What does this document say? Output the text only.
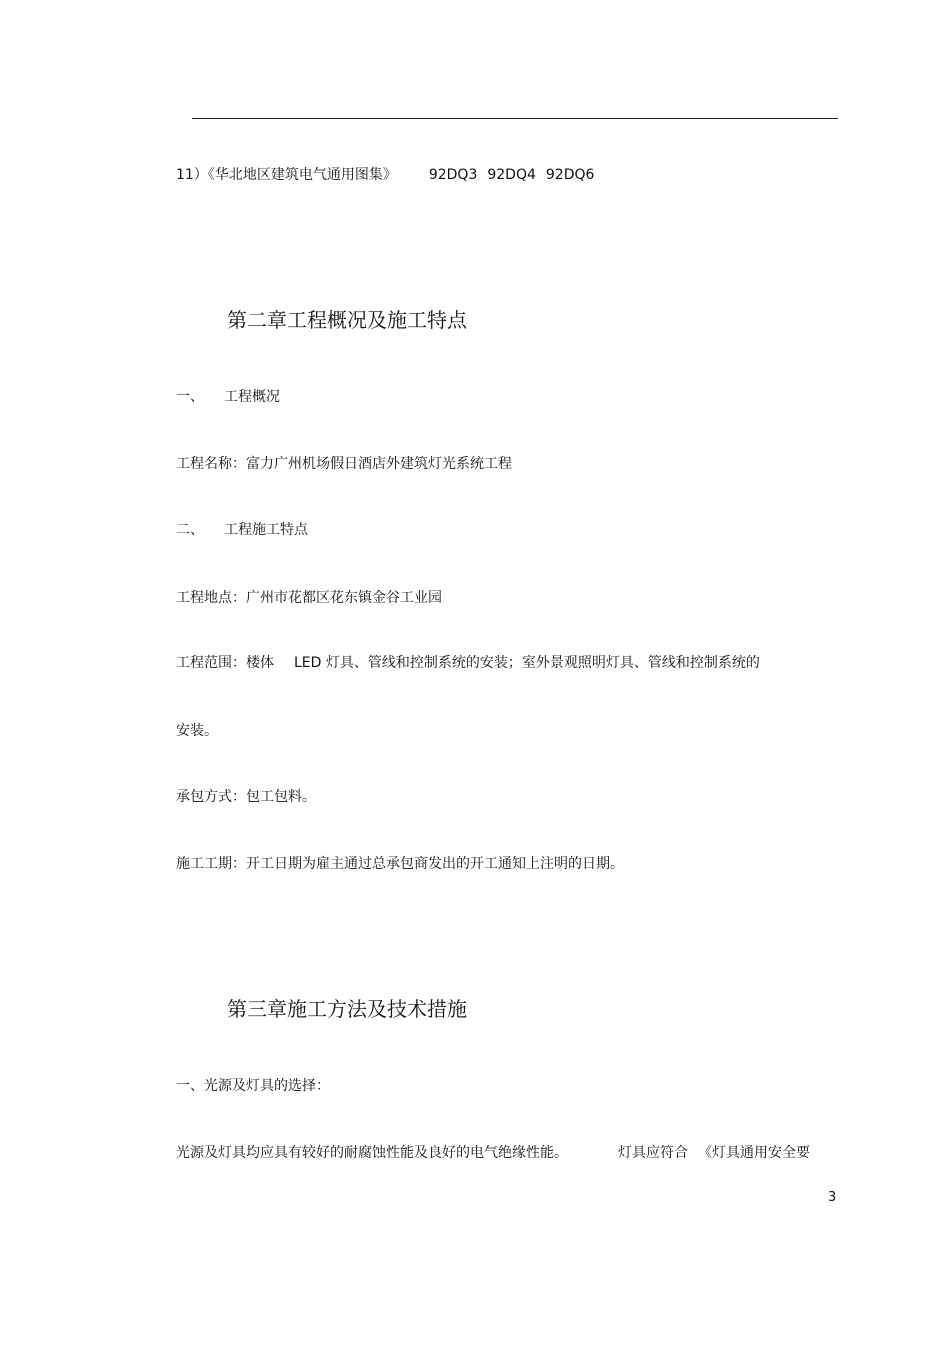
11）《华北地区建筑电气通用图集》 92DQ3 92DQ4 92DQ6
第二章工程概况及施工特点
一、 工程概况
工程名称：富力广州机场假日酒店外建筑灯光系统工程
二、 工程施工特点
工程地点：广州市花都区花东镇金谷工业园
工程范围：楼体 LED 灯具、管线和控制系统的安装；室外景观照明灯具、管线和控制系统的
安装。
承包方式：包工包料。
施工工期：开工日期为雇主通过总承包商发出的开工通知上注明的日期。
第三章施工方法及技术措施
一、光源及灯具的选择：
光源及灯具均应具有较好的耐腐蚀性能及良好的电气绝缘性能。	灯具应符合 《灯具通用安全要
3
